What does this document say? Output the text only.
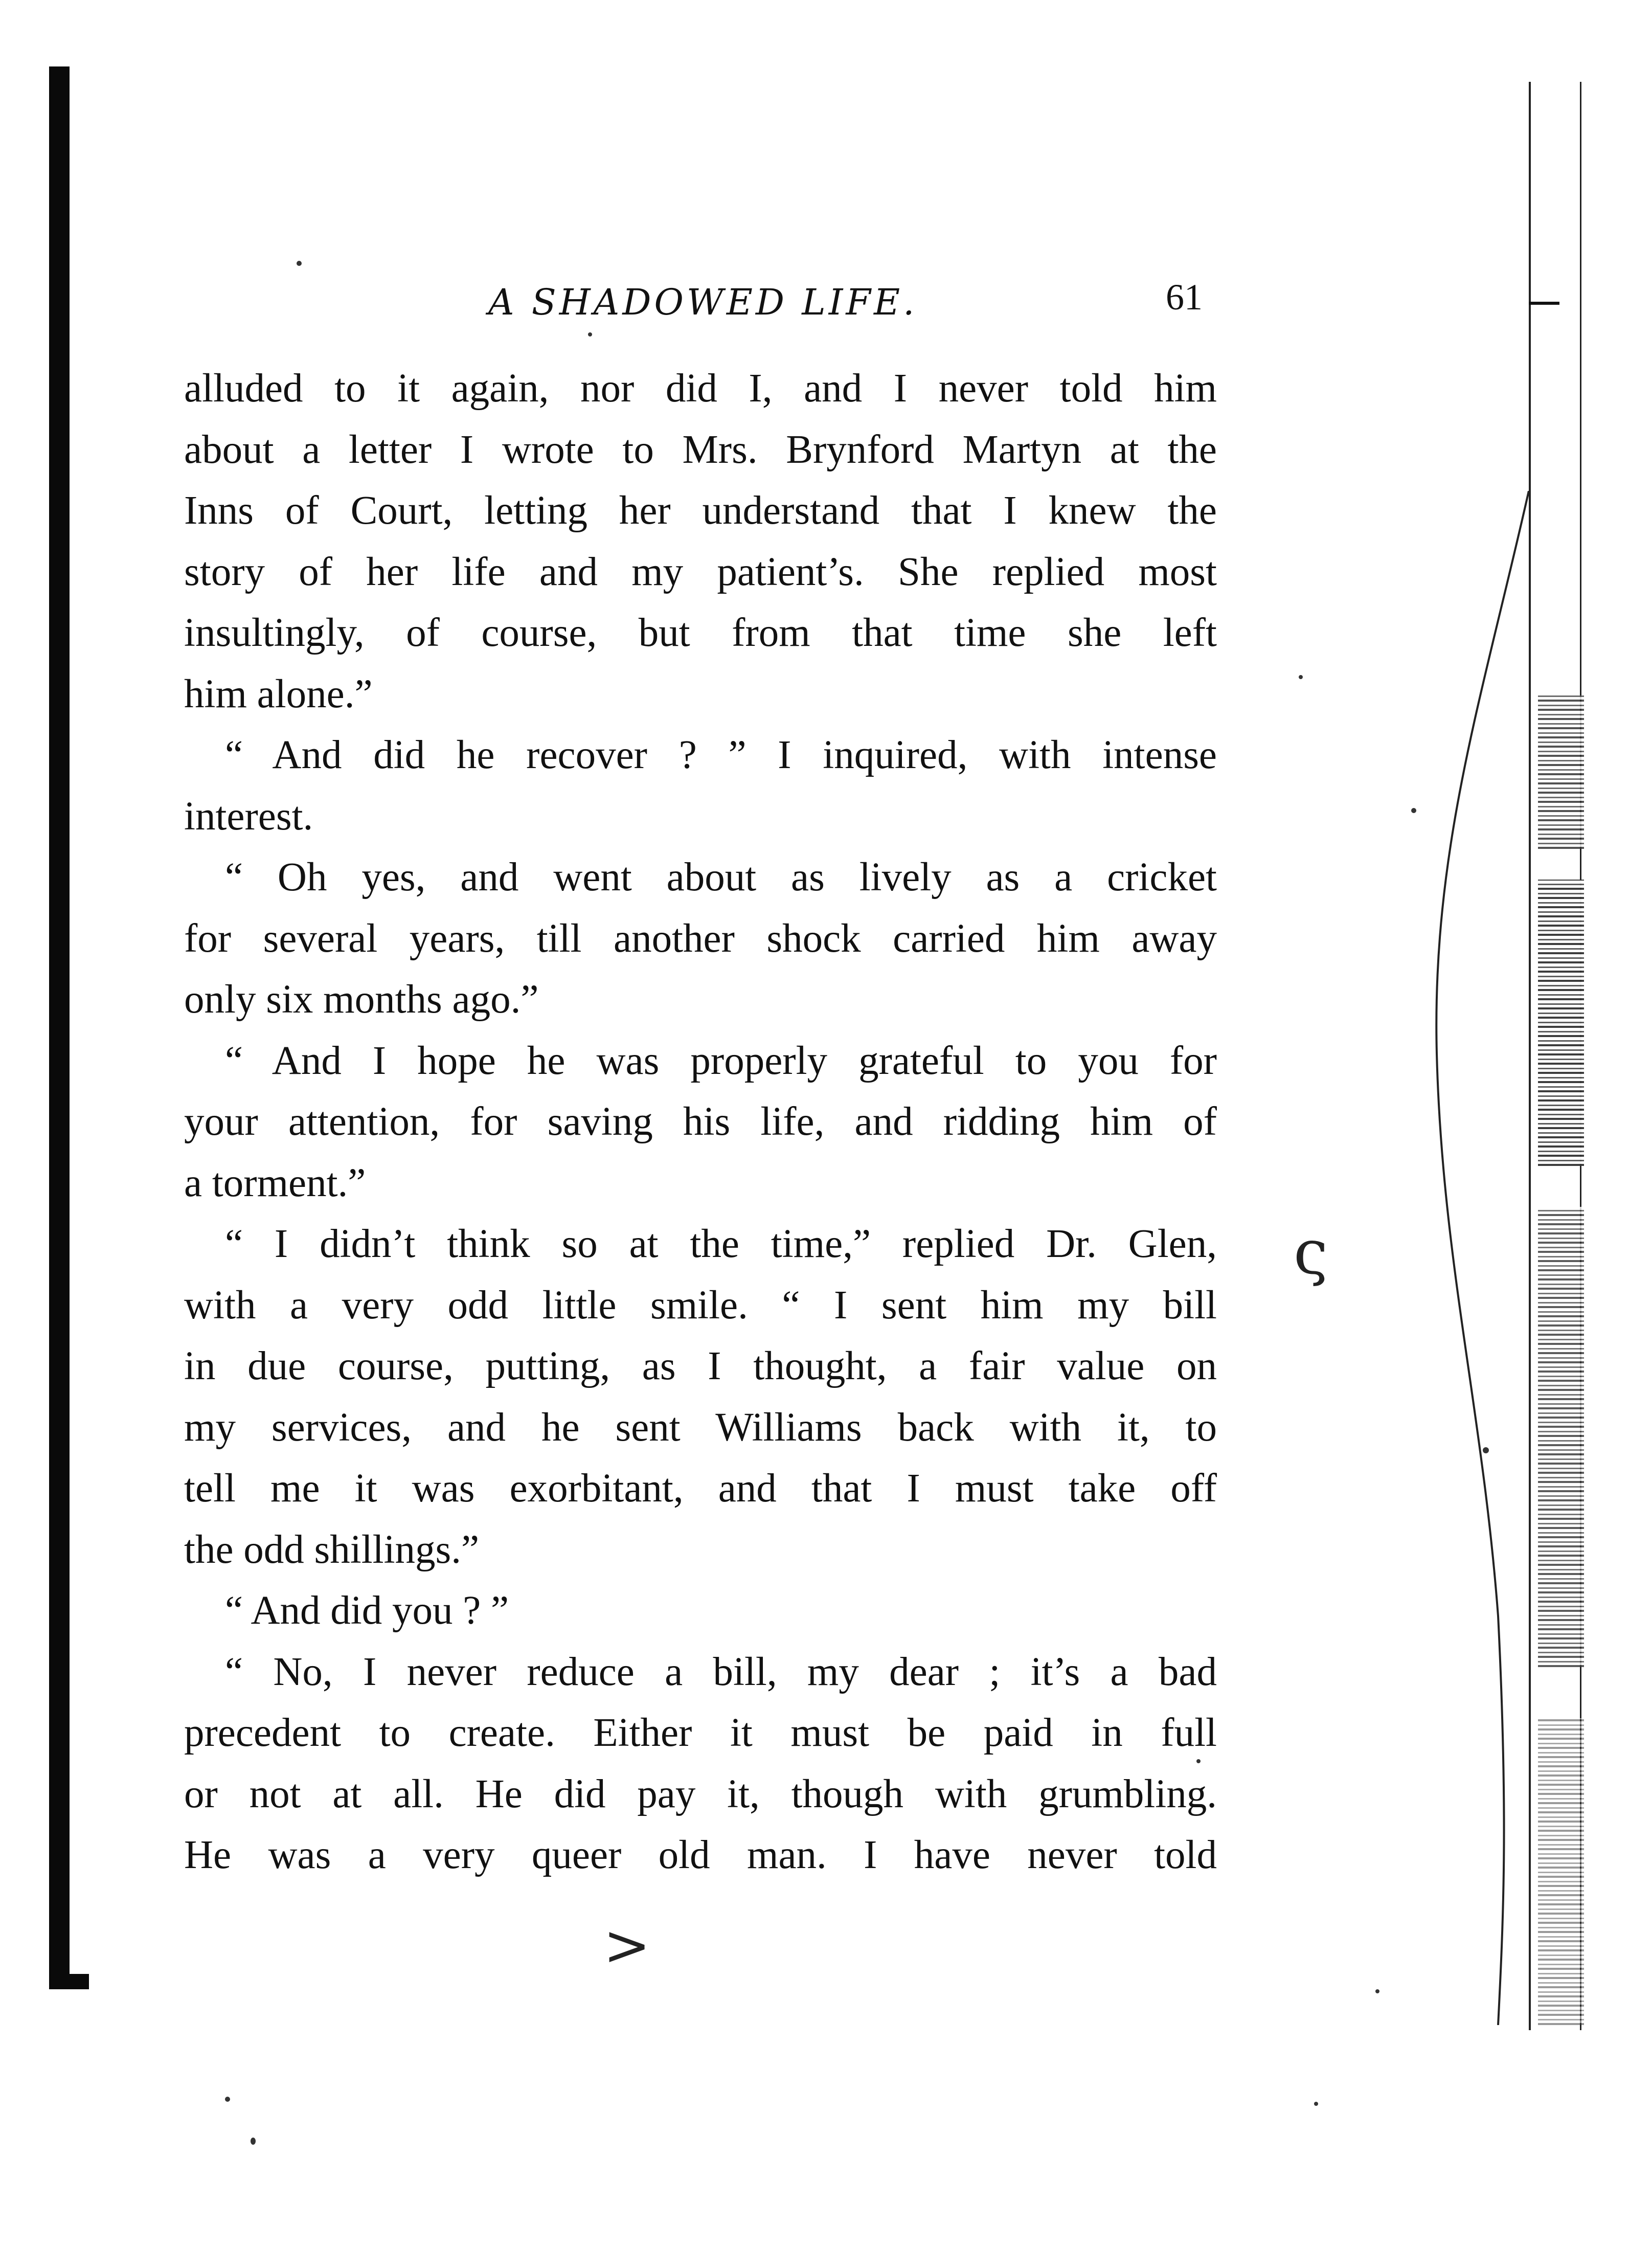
A SHADOWED LIFE.	61
alluded to it again, nor did I, and I never told him
about a letter I wrote to Mrs. Brynford Martyn at the
Inns of Court, letting her understand that I knew the
story of her life and my patient’s. She replied most
insultingly, of course, but from that time she left
him alone.”
“ And did he recover ? ” I inquired, with intense
interest.
“ Oh yes, and went about as lively as a cricket
for several years, till another shock carried him away
only six months ago.”
“ And I hope he was properly grateful to you for
your attention, for saving his life, and ridding him of
a torment.”
“ I didn’t think so at the time,” replied Dr. Glen,
with a very odd little smile. “ I sent him my bill
in due course, putting, as I thought, a fair value on
my services, and he sent Williams back with it, to
tell me it was exorbitant, and that I must take off
the odd shillings.”
“ And did you ? ”
“ No, I never reduce a bill, my dear ; it’s a bad
precedent to create. Either it must be paid in full
or not at all. He did pay it, though with grumbling.
He was a very queer old man. I have never told
ς
>
